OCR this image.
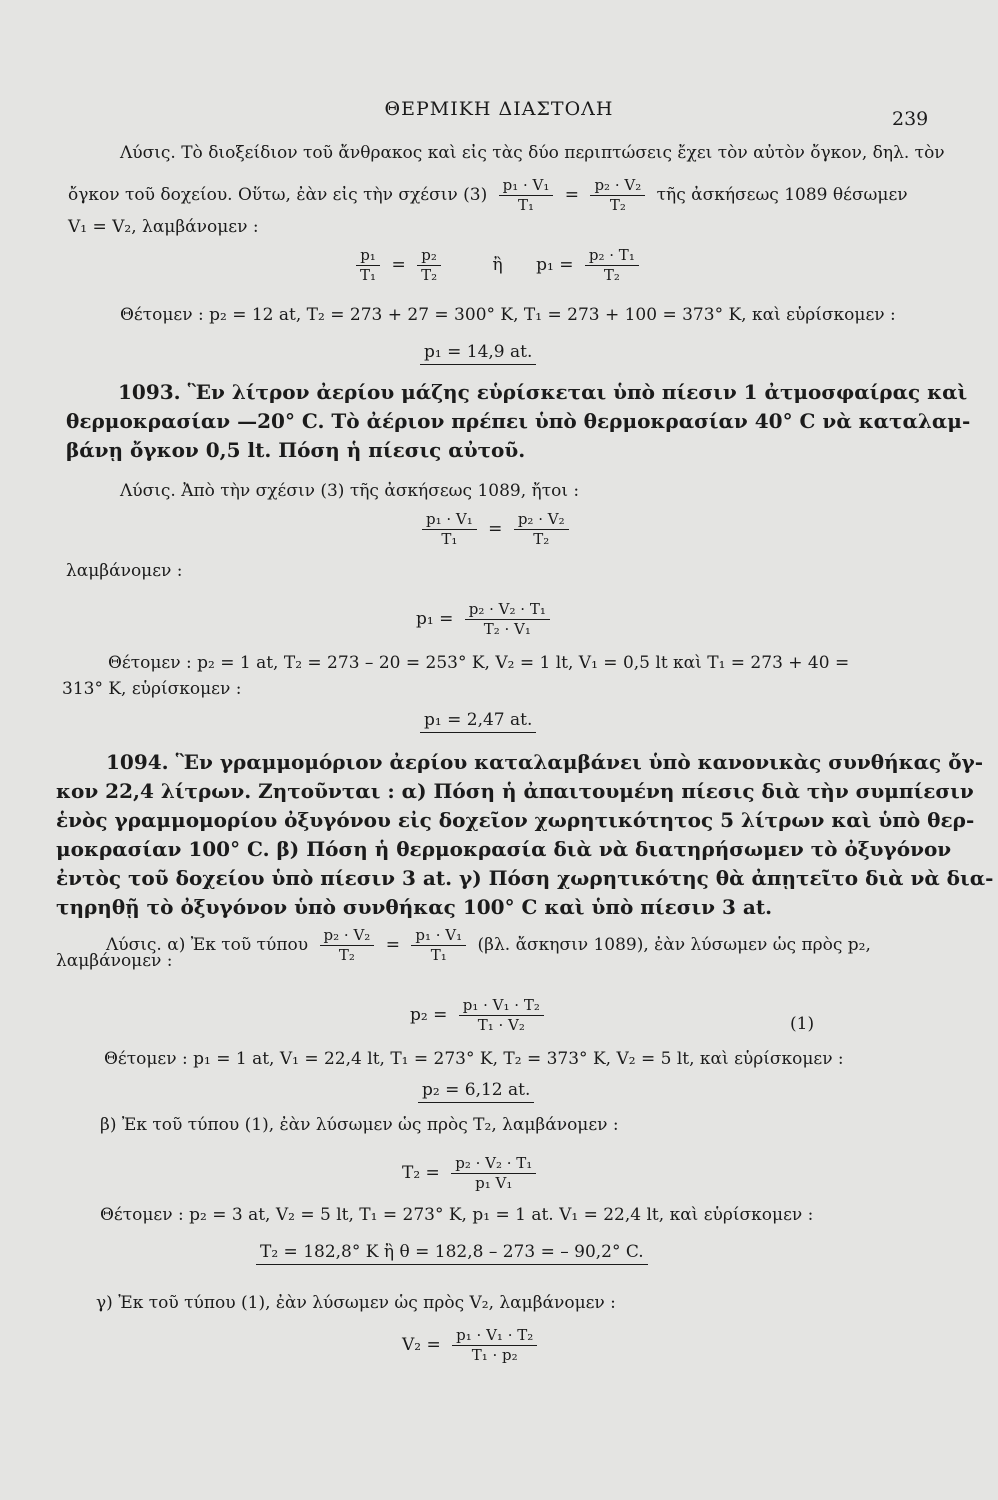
ΘΕΡΜΙΚΗ ΔΙΑΣΤΟΛΗ	239
Λύσις. Τὸ διοξείδιον τοῦ ἄνθρακος καὶ εἰς τὰς δύο περιπτώσεις ἔχει τὸν αὐτὸν ὄγκον, δηλ. τὸν
ὄγκον τοῦ δοχείου. Οὕτω, ἐὰν εἰς τὴν σχέσιν $(3) \frac{\text{p₁ · V₁}}{\text{T₁}} = \frac{\text{p₂ · V₂}}{\text{T₂}}$ τῆς ἀσκήσεως 1089 θέσωμεν
V₁ = V₂, λαμβάνομεν :
$\frac{\text{p₁}}{\text{T₁}} = \frac{\text{p₂}}{\text{T₂}}$	ἢ $p_1 = \frac{\text{p₂ · T₁}}{\text{T₂}}$
Θέτομεν : p₂ = 12 at, T₂ = 273 + 27 = 300° K, T₁ = 273 + 100 = 373° K, καὶ εὑρίσκομεν :
p₁ = 14,9 at.
1093. Ἓν λίτρον ἀερίου μάζης εὑρίσκεται ὑπὸ πίεσιν 1 ἀτμοσφαίρας καὶ
θερμοκρασίαν —20° C. Τὸ ἀέριον πρέπει ὑπὸ θερμοκρασίαν 40° C νὰ καταλαμ-
βάνῃ ὄγκον 0,5 lt. Πόση ἡ πίεσις αὐτοῦ.
Λύσις. Ἀπὸ τὴν σχέσιν (3) τῆς ἀσκήσεως 1089, ἤτοι :
$\frac{\text{p₁ · V₁}}{\text{T₁}} = \frac{\text{p₂ · V₂}}{\text{T₂}}$
λαμβάνομεν :
$p_1 = \frac{\text{p₂ · V₂ · T₁}}{\text{T₂ · V₁}}$
Θέτομεν : p₂ = 1 at, T₂ = 273 – 20 = 253° K, V₂ = 1 lt, V₁ = 0,5 lt καὶ T₁ = 273 + 40 =
313° K, εὑρίσκομεν :
p₁ = 2,47 at.
1094. Ἓν γραμμομόριον ἀερίου καταλαμβάνει ὑπὸ κανονικὰς συνθήκας ὄγ-
κον 22,4 λίτρων. Ζητοῦνται : α) Πόση ἡ ἀπαιτουμένη πίεσις διὰ τὴν συμπίεσιν
ἑνὸς γραμμομορίου ὀξυγόνου εἰς δοχεῖον χωρητικότητος 5 λίτρων καὶ ὑπὸ θερ-
μοκρασίαν 100° C. β) Πόση ἡ θερμοκρασία διὰ νὰ διατηρήσωμεν τὸ ὀξυγόνον
ἐντὸς τοῦ δοχείου ὑπὸ πίεσιν 3 at. γ) Πόση χωρητικότης θὰ ἀπῃτεῖτο διὰ νὰ δια-
τηρηθῇ τὸ ὀξυγόνον ὑπὸ συνθήκας 100° C καὶ ὑπὸ πίεσιν 3 at.
Λύσις. α) Ἐκ τοῦ τύπου $\frac{\text{p₂ · V₂}}{\text{T₂}} = \frac{\text{p₁ · V₁}}{\text{T₁}} (\beta\lambda$. ἄσκησιν 1089), ἐὰν λύσωμεν ὡς πρὸς p₂,
λαμβάνομεν :
$p_2 = \frac{\text{p₁ · V₁ · T₂}}{\text{T₁ · V₂}}$	(1)
Θέτομεν : p₁ = 1 at, V₁ = 22,4 lt, T₁ = 273° K, T₂ = 373° K, V₂ = 5 lt, καὶ εὑρίσκομεν :
p₂ = 6,12 at.
β) Ἐκ τοῦ τύπου (1), ἐὰν λύσωμεν ὡς πρὸς T₂, λαμβάνομεν :
$T_2 = \frac{\text{p₂ · V₂ · T₁}}{\text{p₁ V₁}}$
Θέτομεν : p₂ = 3 at, V₂ = 5 lt, T₁ = 273° K, p₁ = 1 at. V₁ = 22,4 lt, καὶ εὑρίσκομεν :
T₂ = 182,8° K ἢ θ = 182,8 – 273 = – 90,2° C.
γ) Ἐκ τοῦ τύπου (1), ἐὰν λύσωμεν ὡς πρὸς V₂, λαμβάνομεν :
$V_2 = \frac{\text{p₁ · V₁ · T₂}}{\text{T₁ · p₂}}$
